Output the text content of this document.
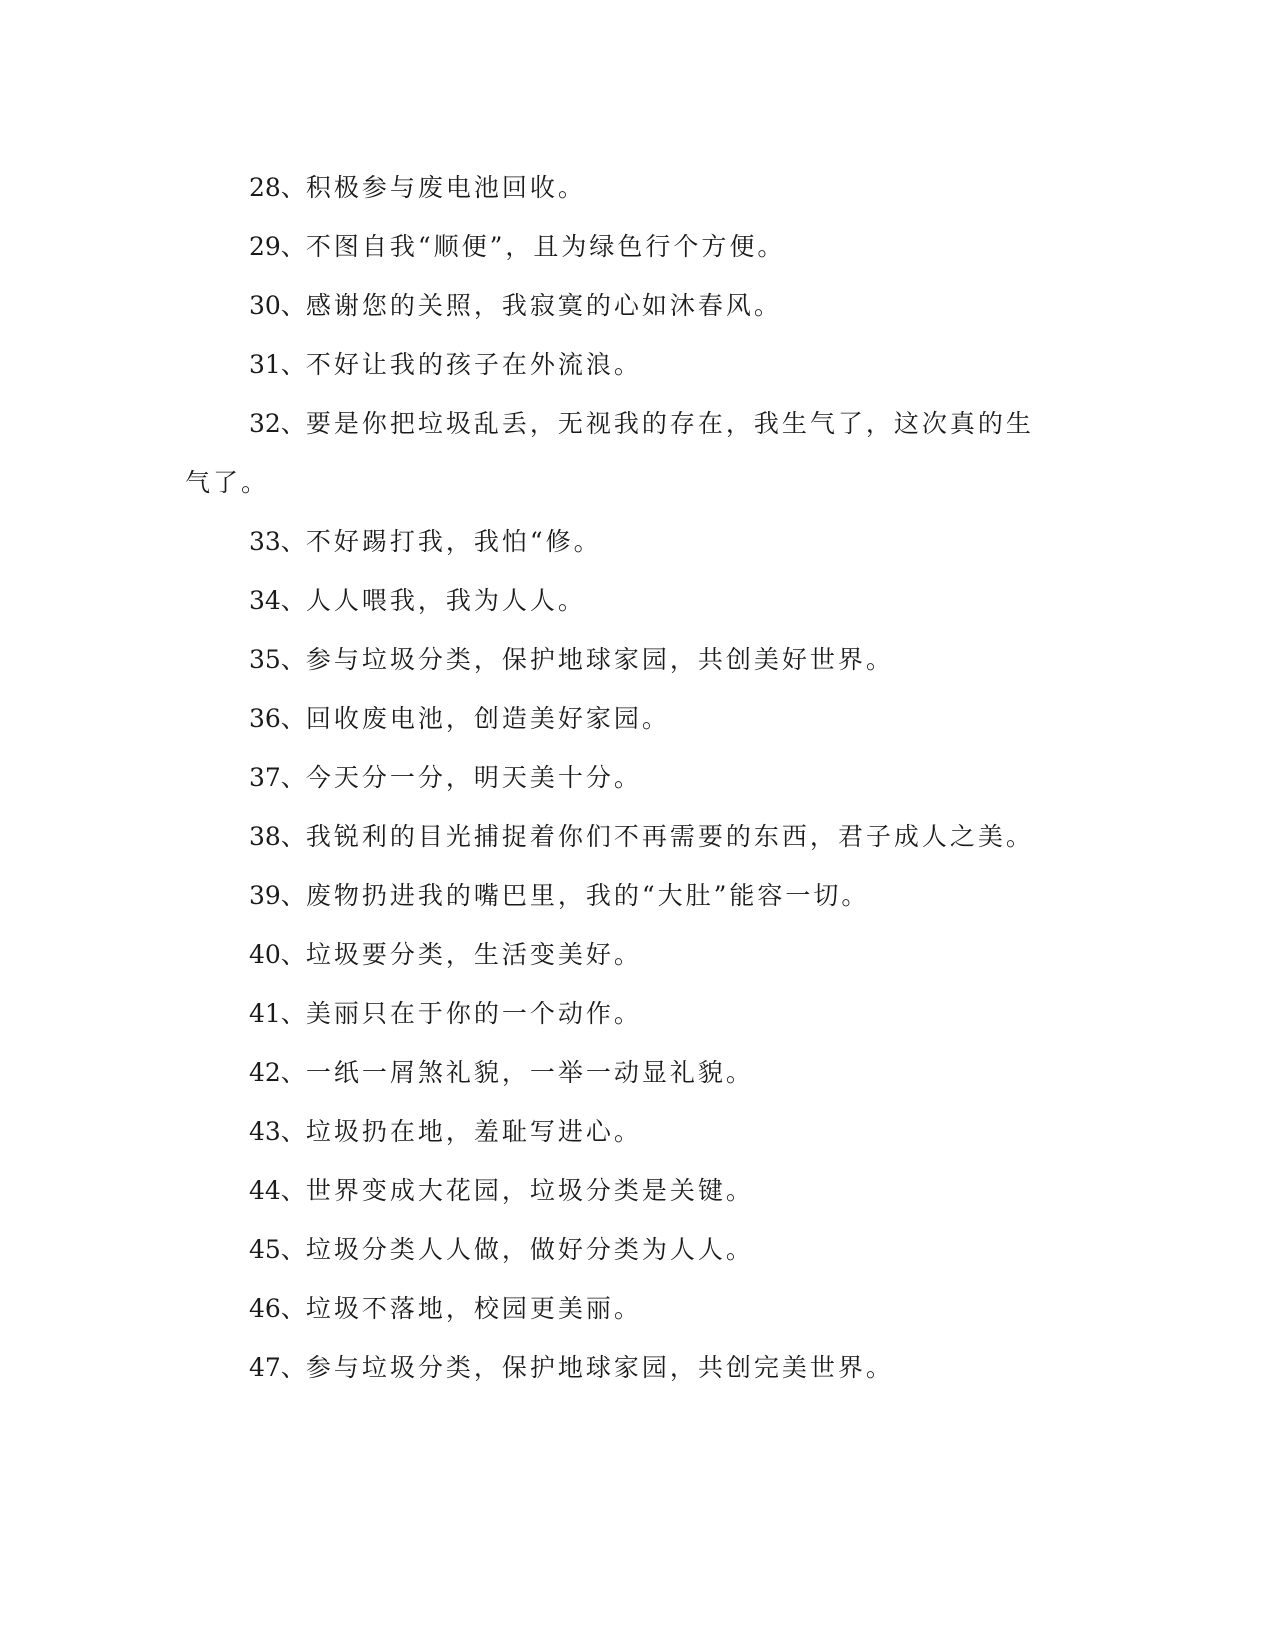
28、积极参与废电池回收。

29、不图自我“顺便”，且为绿色行个方便。

30、感谢您的关照，我寂寞的心如沐春风。

31、不好让我的孩子在外流浪。

32、要是你把垃圾乱丢，无视我的存在，我生气了，这次真的生气了。

33、不好踢打我，我怕“修。

34、人人喂我，我为人人。

35、参与垃圾分类，保护地球家园，共创美好世界。

36、回收废电池，创造美好家园。

37、今天分一分，明天美十分。

38、我锐利的目光捕捉着你们不再需要的东西，君子成人之美。

39、废物扔进我的嘴巴里，我的“大肚”能容一切。

40、垃圾要分类，生活变美好。

41、美丽只在于你的一个动作。

42、一纸一屑煞礼貌，一举一动显礼貌。

43、垃圾扔在地，羞耻写进心。

44、世界变成大花园，垃圾分类是关键。

45、垃圾分类人人做，做好分类为人人。

46、垃圾不落地，校园更美丽。

47、参与垃圾分类，保护地球家园，共创完美世界。
